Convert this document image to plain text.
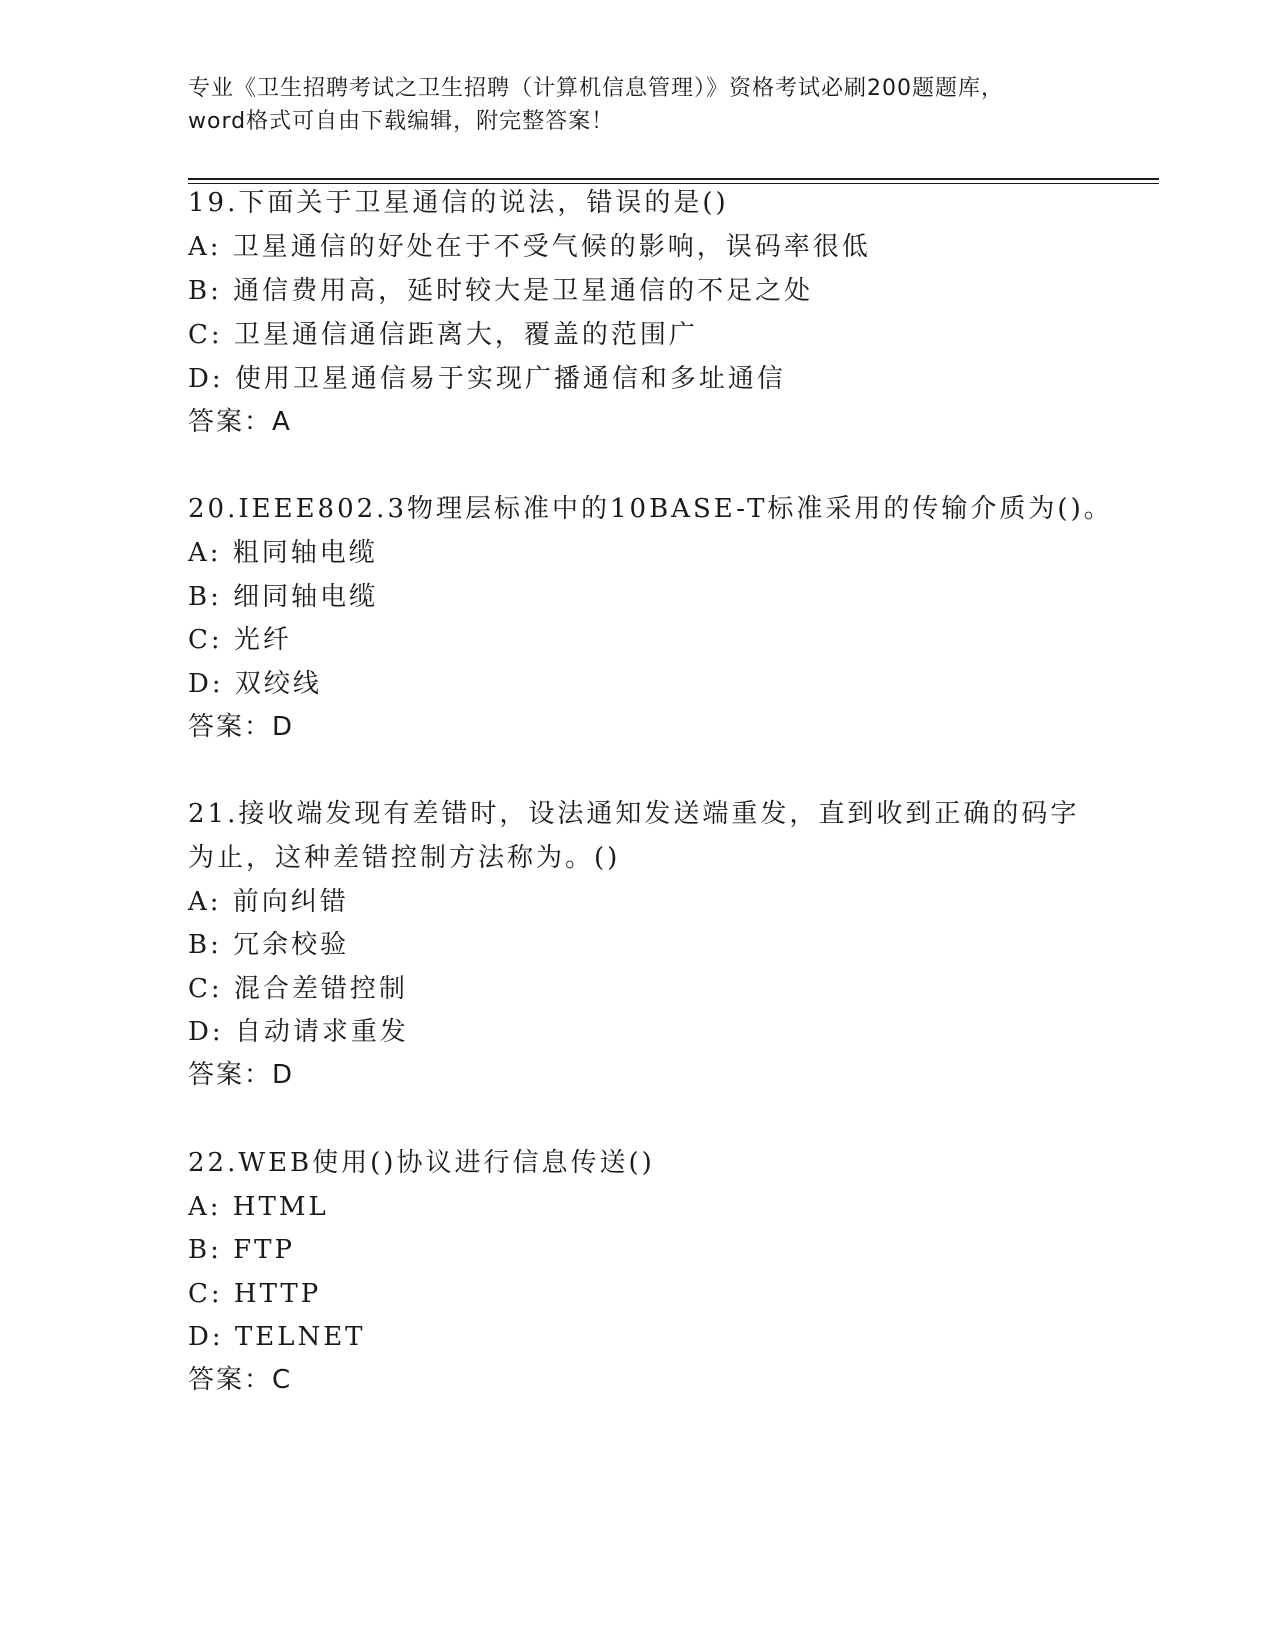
专业《卫生招聘考试之卫生招聘（计算机信息管理）》资格考试必刷200题题库，
word格式可自由下载编辑，附完整答案！
19.下面关于卫星通信的说法，错误的是()
A: 卫星通信的好处在于不受气候的影响，误码率很低
B: 通信费用高，延时较大是卫星通信的不足之处
C: 卫星通信通信距离大，覆盖的范围广
D: 使用卫星通信易于实现广播通信和多址通信
答案：A
20.IEEE802.3物理层标准中的10BASE-T标准采用的传输介质为()。
A: 粗同轴电缆
B: 细同轴电缆
C: 光纤
D: 双绞线
答案：D
21.接收端发现有差错时，设法通知发送端重发，直到收到正确的码字
为止，这种差错控制方法称为。()
A: 前向纠错
B: 冗余校验
C: 混合差错控制
D: 自动请求重发
答案：D
22.WEB使用()协议进行信息传送()
A: HTML
B: FTP
C: HTTP
D: TELNET
答案：C
